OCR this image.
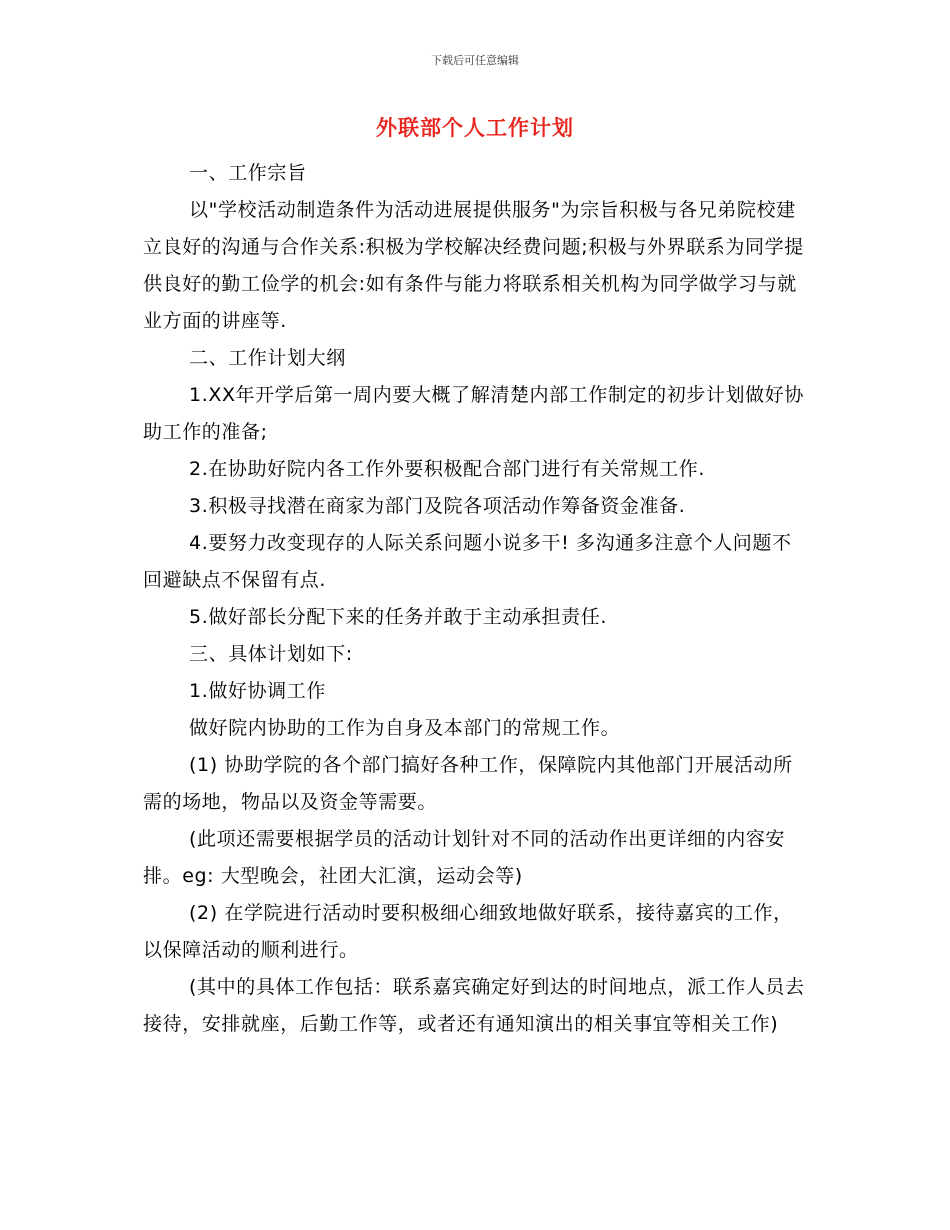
下载后可任意编辑
外联部个人工作计划

一、工作宗旨

以"学校活动制造条件为活动进展提供服务"为宗旨积极与各兄弟院校建立良好的沟通与合作关系:积极为学校解决经费问题;积极与外界联系为同学提供良好的勤工俭学的机会:如有条件与能力将联系相关机构为同学做学习与就业方面的讲座等.

二、工作计划大纲

1.XX年开学后第一周内要大概了解清楚内部工作制定的初步计划做好协助工作的准备;

2.在协助好院内各工作外要积极配合部门进行有关常规工作.

3.积极寻找潜在商家为部门及院各项活动作筹备资金准备.

4.要努力改变现存的人际关系问题小说多干! 多沟通多注意个人问题不回避缺点不保留有点.

5.做好部长分配下来的任务并敢于主动承担责任.

三、具体计划如下:

1.做好协调工作

做好院内协助的工作为自身及本部门的常规工作。

(1) 协助学院的各个部门搞好各种工作，保障院内其他部门开展活动所需的场地，物品以及资金等需要。

(此项还需要根据学员的活动计划针对不同的活动作出更详细的内容安排。eg: 大型晚会，社团大汇演，运动会等)

(2) 在学院进行活动时要积极细心细致地做好联系，接待嘉宾的工作，以保障活动的顺利进行。

(其中的具体工作包括：联系嘉宾确定好到达的时间地点，派工作人员去接待，安排就座，后勤工作等，或者还有通知演出的相关事宜等相关工作)
